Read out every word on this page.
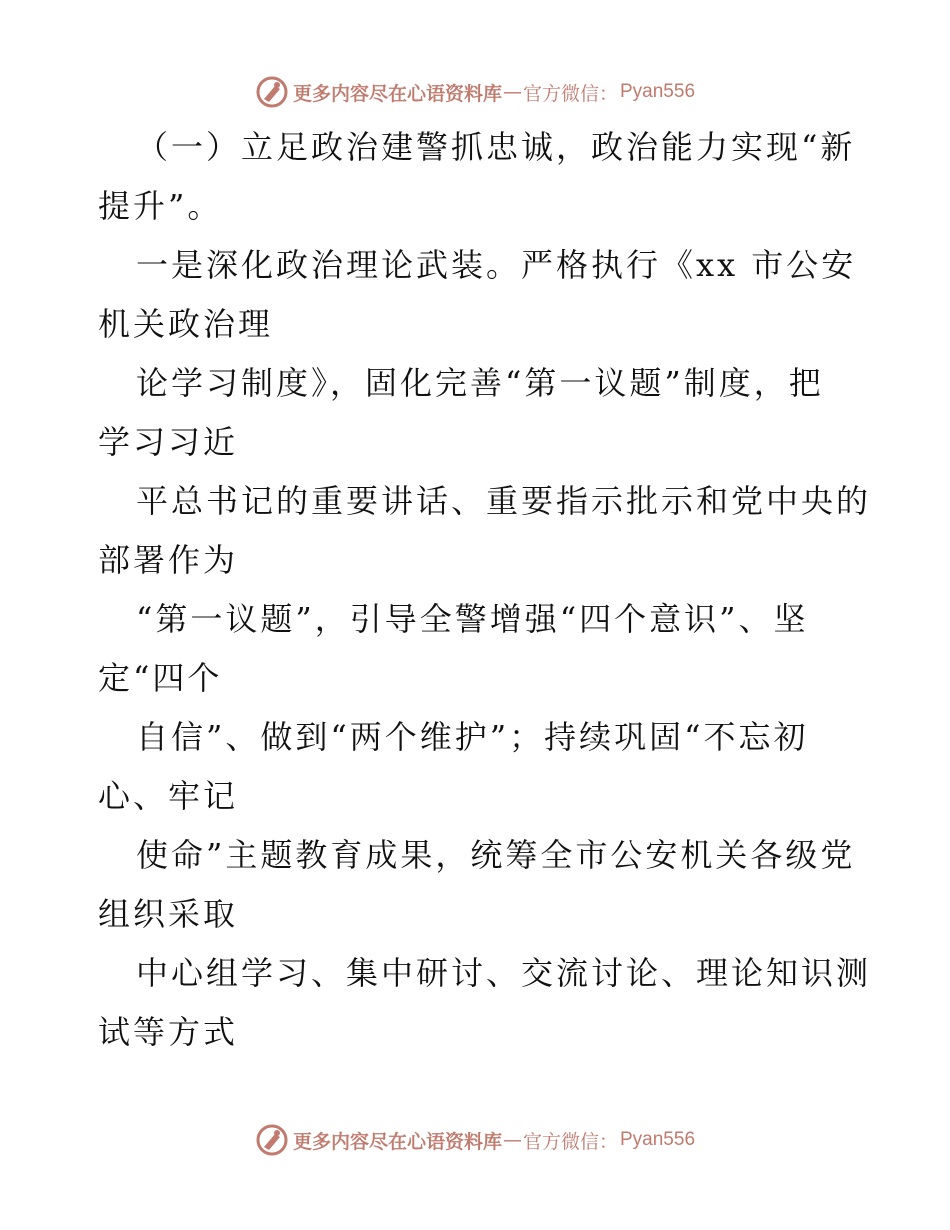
更多内容尽在心语资料库 — 官方微信： Pyan556
（一）立足政治建警抓忠诚，政治能力实现“新
提升”。
一是深化政治理论武装。严格执行《xx 市公安
机关政治理
论学习制度》，固化完善“第一议题”制度，把
学习习近
平总书记的重要讲话、重要指示批示和党中央的
部署作为
“第一议题”，引导全警增强“四个意识”、坚
定“四个
自信”、做到“两个维护”；持续巩固“不忘初
心、牢记
使命”主题教育成果，统筹全市公安机关各级党
组织采取
中心组学习、集中研讨、交流讨论、理论知识测
试等方式
更多内容尽在心语资料库 — 官方微信： Pyan556
